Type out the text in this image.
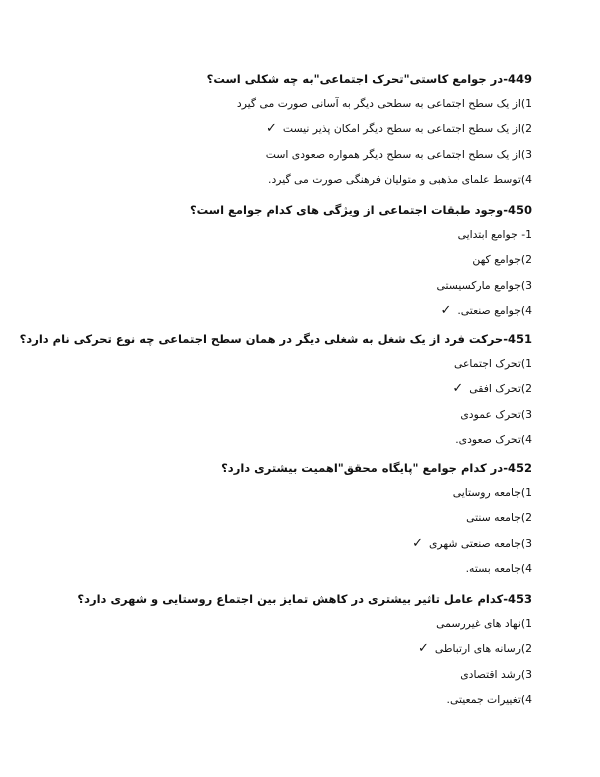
449-در جوامع کاستی"تحرک اجتماعی"به چه شکلی است؟
1)از یک سطح اجتماعی به سطحی دیگر به آسانی صورت می گیرد
2)از یک سطح اجتماعی به سطح دیگر امکان پذیر نیست✓
3)از یک سطح اجتماعی به سطح دیگر همواره صعودی است
4)توسط علمای مذهبی و متولیان فرهنگی صورت می گیرد.
450-وجود طبقات اجتماعی از ویژگی های کدام جوامع است؟
1- جوامع ابتدایی
2)جوامع کهن
3)جوامع مارکسیستی
4)جوامع صنعتی.✓
451-حرکت فرد از یک شغل به شغلی دیگر در همان سطح اجتماعی چه نوع تحرکی نام دارد؟
1)تحرک اجتماعی
2)تحرک افقی✓
3)تحرک عمودی
4)تحرک صعودی.
452-در کدام جوامع "پایگاه محقق"اهمیت بیشتری دارد؟
1)جامعه روستایی
2)جامعه سنتی
3)جامعه صنعتی شهری✓
4)جامعه بسته.
453-کدام عامل تاثیر بیشتری در کاهش تمایز بین اجتماع روستایی و شهری دارد؟
1)نهاد های غیررسمی
2)رسانه های ارتباطی✓
3)رشد اقتصادی
4)تغییرات جمعیتی.
